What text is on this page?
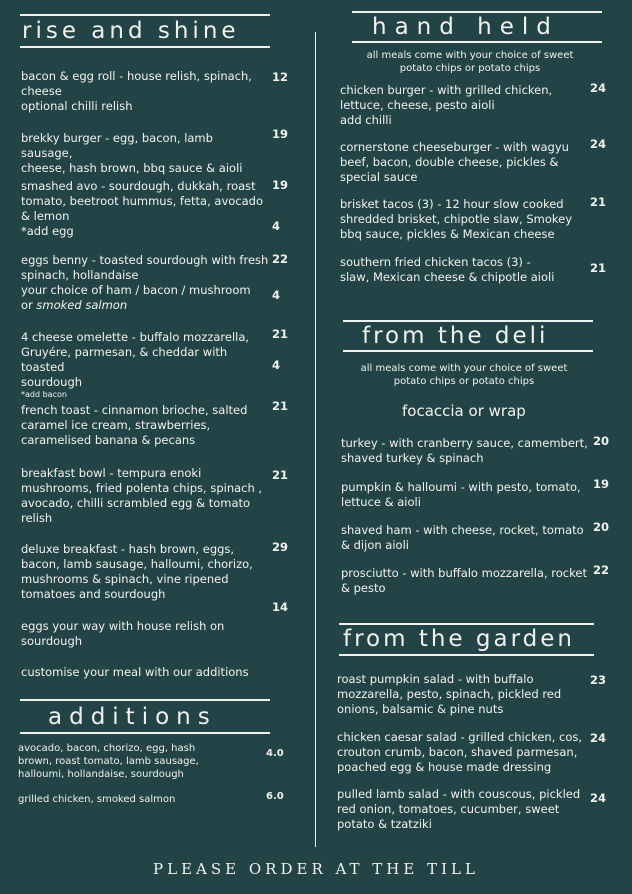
rise and shine
bacon & egg roll - house relish, spinach,
cheese
optional chilli relish
12
brekky burger - egg, bacon, lamb sausage,
cheese, hash brown, bbq sauce & aioli
19
smashed avo - sourdough, dukkah, roast
tomato, beetroot hummus, fetta, avocado
& lemon
*add egg
19
4
eggs benny - toasted sourdough with fresh
spinach, hollandaise
your choice of ham / bacon / mushroom
or smoked salmon
22
4
4 cheese omelette - buffalo mozzarella,
Gruyére, parmesan, & cheddar with toasted
sourdough
*add bacon
21
4
french toast - cinnamon brioche, salted
caramel ice cream, strawberries,
caramelised banana & pecans
21
breakfast bowl - tempura enoki
mushrooms, fried polenta chips, spinach ,
avocado, chilli scrambled egg & tomato
relish
21
deluxe breakfast - hash brown, eggs,
bacon, lamb sausage, halloumi, chorizo,
mushrooms & spinach, vine ripened
tomatoes and sourdough
29
14
eggs your way with house relish on
sourdough
customise your meal with our additions
additions
avocado, bacon, chorizo, egg, hash
brown, roast tomato, lamb sausage,
halloumi, hollandaise, sourdough
4.0
grilled chicken, smoked salmon	6.0
hand held
all meals come with your choice of sweet
potato chips or potato chips
chicken burger - with grilled chicken,
lettuce, cheese, pesto aioli
add chilli
24
cornerstone cheeseburger - with wagyu
beef, bacon, double cheese, pickles &
special sauce
24
brisket tacos (3) - 12 hour slow cooked
shredded brisket, chipotle slaw, Smokey
bbq sauce, pickles & Mexican cheese
21
southern fried chicken tacos (3) -
slaw, Mexican cheese & chipotle aioli
21
from the deli
all meals come with your choice of sweet
potato chips or potato chips
focaccia or wrap
turkey - with cranberry sauce, camembert,
shaved turkey & spinach
20
pumpkin & halloumi - with pesto, tomato,
lettuce & aioli
19
shaved ham - with cheese, rocket, tomato
& dijon aioli
20
prosciutto - with buffalo mozzarella, rocket
& pesto
22
from the garden
roast pumpkin salad - with buffalo
mozzarella, pesto, spinach, pickled red
onions, balsamic & pine nuts
23
chicken caesar salad - grilled chicken, cos,
crouton crumb, bacon, shaved parmesan,
poached egg & house made dressing
24
pulled lamb salad - with couscous, pickled
red onion, tomatoes, cucumber, sweet
potato & tzatziki
24
PLEASE ORDER AT THE TILL
